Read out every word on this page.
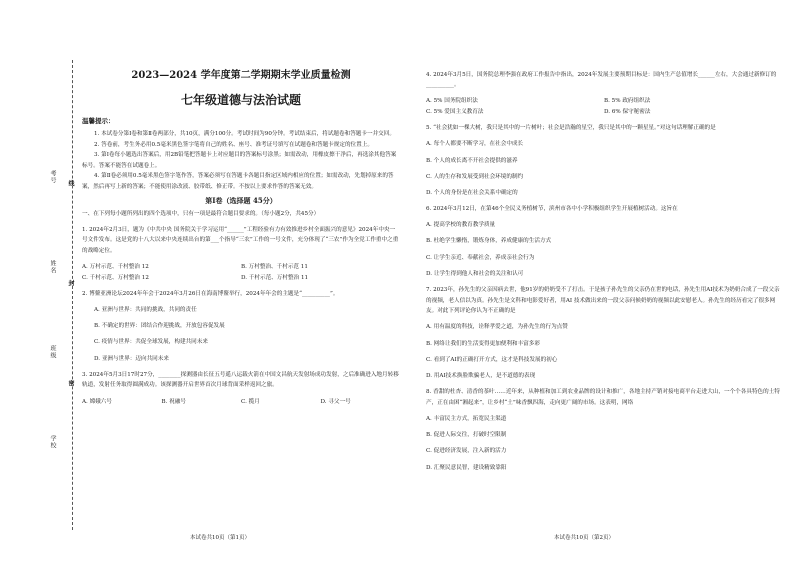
考号
姓名
班级
学校
线
封
密
2023—2024 学年度第二学期期末学业质量检测
七年级道德与法治试题
温馨提示：

1. 本试卷分第Ⅰ卷和第Ⅱ卷两部分，共10页，满分100分。考试时间为90分钟。考试结束后，将试题卷和答题卡一并交回。

2. 答卷前，考生务必用0.5毫米黑色签字笔将自己的姓名、座号、准考证号填写在试题卷和答题卡规定的位置上。

3. 第Ⅰ卷每小题选出答案后，用2B铅笔把答题卡上对应题目的答案标号涂黑；如需改动，用橡皮擦干净后，再选涂其他答案标号。答案不能答在试题卷上。

4. 第Ⅱ卷必须用0.5毫米黑色签字笔作答，答案必须写在答题卡各题目指定区域内相应的位置；如需改动，先划掉原来的答案，然后再写上新的答案；不能使用涂改液、胶带纸、修正带。不按以上要求作答的答案无效。

第Ⅰ卷（选择题 45分）

一、在下列每小题所列出的四个选项中，只有一项是最符合题目要求的。（每小题2分，共45分）

1. 2024年2月3日，题为《中共中央 国务院关于学习运用“______”工程经验有力有效推进乡村全面振兴的意见》2024年中央一号文件发布。这是党的十八大以来中央连续出台的第___个指导“三农”工作的一号文件，充分体现了“三农”作为全党工作重中之重的战略定位。

A. 万村示范、千村整治 12	B. 万村整治、千村示范 11
C. 千村示范、万村整治 12	D. 千村示范、万村整治 11

2. 博鳌亚洲论坛2024年年会于2024年3月26日在海南博鳌举行，2024年年会的主题是“__________”。

A. 亚洲与世界：共同的挑战，共同的责任

B. 不确定的世界：团结合作迎挑战，开放包容促发展

C. 疫情与世界：共促全球发展，构建共同未来

D. 亚洲与世界：迈向共同未来

3. 2024年5月3日17时27分，________探测器由长征五号遥八运载火箭在中国文昌航天发射场成功发射，之后准确进入地月转移轨道，发射任务取得圆满成功。该探测器开启世界首次月球背面采样返回之旅。

A. 嫦娥六号	B. 祝融号	C. 揽月	D. 寻父一号
本试卷共10页（第1页）

4. 2024年3月5日，国务院总理李强在政府工作报告中指出，2024年发展主要预期目标是：国内生产总值增长______左右，大会通过新修订的__________。

A. 5% 国务院组织法	B. 5% 政府组织法
C. 5% 爱国主义教育法	D. 6% 保守秘密法

5. “社会犹如一棵大树，我只是其中的一片树叶；社会是浩瀚的星空，我只是其中的一颗星星。”对这句话理解正确的是

A. 每个人都要不断学习，在社会中成长

B. 个人的成长离不开社会提供的滋养

C. 人的生存和发展受到社会环境的制约

D. 个人的身份是在社会关系中确定的

6. 2024年3月12日，在第46个全民义务植树节，滨州市各中小学积极组织学生开展植树活动。这旨在

A. 提高学校的教育教学质量

B. 杜绝学生懒惰，锻炼身体，养成健康的生活方式

C. 让学生亲近、奉献社会，养成亲社会行为

D. 让学生得到他人和社会的关注和认可

7. 2023年，孙先生的父亲因病去世，他91岁的奶奶受不了打击。于是孩子孙先生的父亲仍在世的电话，孙先生用AI技术为奶奶合成了一段父亲的视频，老人信以为真。孙先生是文科和电影爱好者，用AI 技术做出来的一段父亲问候奶奶的视频以此安慰老人。孙先生的经历看完了很多网友。对此下列评论你认为不正确的是

A. 用有温度的科技，诠释孝爱之道，为孙先生的行为点赞

B. 网络让我们的生活变得更加便利和丰富多彩

C. 看到了AI的正确打开方式，这才是科技发展的初心

D. 用AI技术换脸欺骗老人，是不道德的表现

8. 香甜的杜杏、清香的茶叶……近年来，从种植和加工到农业品牌的设计和推广，各地主持产销对接电商平台走进大山，一个个各具特色的土特产，正在由困“湘起来”，让乡村“土”味香飘四海，走向更广阔的市场。这表明，网络

A. 丰富民主方式，拓宽民主渠道

B. 促进人际交往，打破时空限制

C. 促进经济发展，注入新的活力

D. 汇聚民意民智，建设精致靠阳

本试卷共10页（第2页）
